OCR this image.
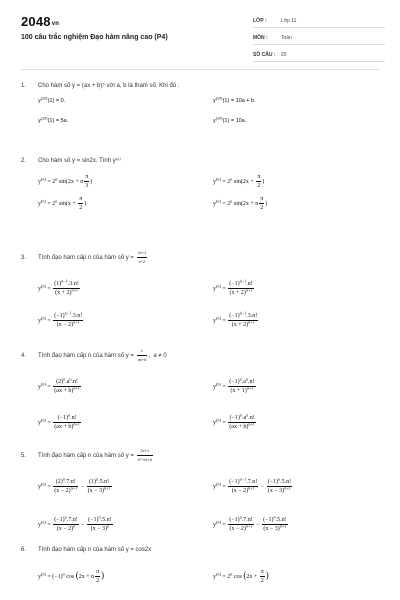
2048vn
100 câu trắc nghiệm Đạo hàm nâng cao (P4)
LỚP :	Lớp 11
MÔN :	Toán
SỐ CÂU : 20
1. Cho hàm số y = (ax + b)⁵ với a, b là tham số. Khi đó :
$y^{(10)}(1) = 0$.	$y^{(10)}(1) = 10a + b$.
$y^{(10)}(1) = 5a$.	$y^{(10)}(1) = 10a$.
2. Cho hàm số y = sin2x. Tính y⁽ⁿ⁾
$y^{(n)} = 2^n$ sin(2x + n $\frac{\pi}{3}$ )	$y^{(n)} = 2^n$ $\sin(2x + \frac{\pi}{2}$ )
$y^{(n)} = 2^n$ $\sin(x + \frac{\pi}{2}$ )	$y^{(n)} = 2^n$ sin(2x + n $\frac{\pi}{2}$ )
3. Tính đạo hàm cấp n của hàm số $y = \frac{2x+1}{x+2}$
$y^{(n)} = \frac{(1)^{n-1}.3.n!}{(x + 2)^{n+1}}$	$y^{(n)} = \frac{(-1)^{n-1}.n!}{(x + 2)^{n+1}}$
$y^{(n)} = \frac{(-1)^{n-1}.3.n!}{(x - 2)^{n+1}}$	$y^{(n)} = \frac{(-1)^{n-1}.3.n!}{(x + 2)^{n+1}}$
4. Tính đạo hàm cấp n của hàm số $y = \frac{1}{ax+b}$ ,  a ≠ 0
$y^{(n)} = \frac{(2)^n.a^n.n!}{(ax + b)^{n+1}}$	$y^{(n)} = \frac{(-1)^n.a^n.n!}{(x + 1)^{n+1}}$
$y^{(n)} = \frac{(-1)^n.n!}{(ax + b)^{n+1}}$	$y^{(n)} = \frac{(-1)^n.a^n.n!}{(ax + b)^{n+1}}$
5. Tính đạo hàm cấp n của hàm số $y = \frac{2x+1}{\text{x²−5x+6}}$
$y^{(n)} = \frac{(2)^n.7.n!}{(x - 2)^{n+1}} - \frac{(1)^n.5.n!}{(x - 3)^{n+1}}$	$y^{(n)} = \frac{(-1)^{n-1}.7.n!}{(x - 2)^{n+1}} - \frac{(-1)^n.5.n!}{(x - 3)^{n+1}}$
$y^{(n)} = \frac{(-1)^n.7.n!}{(x - 2)^n} - \frac{(-1)^n.5.n!}{(x - 3)^n}$	$y^{(n)} = \frac{(-1)^n.7.n!}{(x - 2)^{n+1}} - \frac{(-1)^n.5.n!}{(x - 3)^{n+1}}$
6. Tính đạo hàm cấp n của hàm số y = cos2x
$y^{(n)} = (-1)^n$ cos (2x + n $\frac{\pi}{2}$ )	$y^{(n)} = 2^n$ $\cos (2x + \frac{\pi}{2}$ )
